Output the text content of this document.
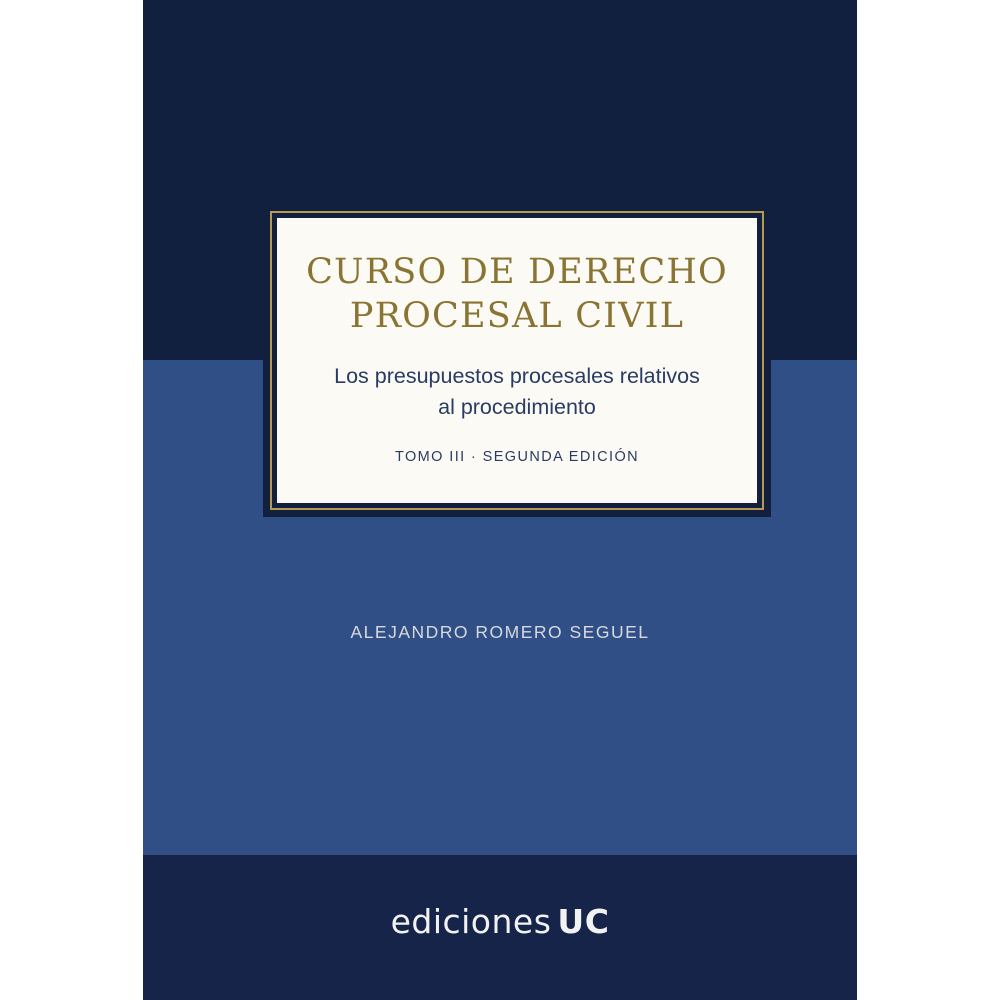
CURSO DE DERECHO
PROCESAL CIVIL
Los presupuestos procesales relativos
al procedimiento
TOMO III · SEGUNDA EDICIÓN
ALEJANDRO ROMERO SEGUEL
ediciones UC
